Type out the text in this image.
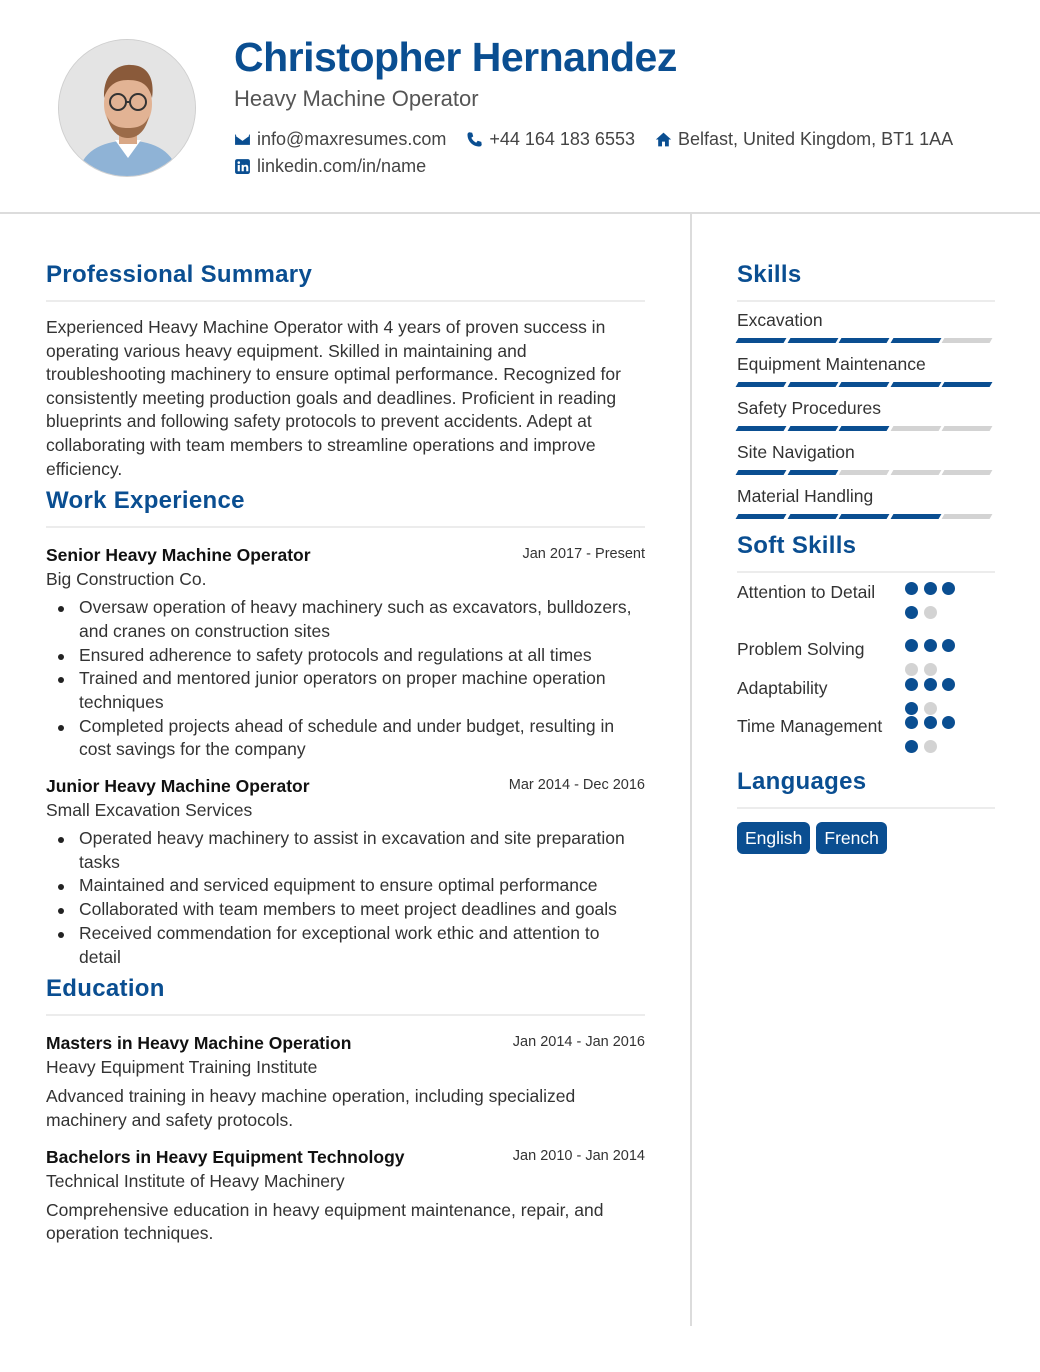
Christopher Hernandez
Heavy Machine Operator
info@maxresumes.com +44 164 183 6553 Belfast, United Kingdom, BT1 1AA
linkedin.com/in/name
Professional Summary

Experienced Heavy Machine Operator with 4 years of proven success in operating various heavy equipment. Skilled in maintaining and troubleshooting machinery to ensure optimal performance. Recognized for consistently meeting production goals and deadlines. Proficient in reading blueprints and following safety protocols to prevent accidents. Adept at collaborating with team members to streamline operations and improve efficiency.

Work Experience
Senior Heavy Machine Operator	Jan 2017 - Present
Big Construction Co.
Oversaw operation of heavy machinery such as excavators, bulldozers, and cranes on construction sites
Ensured adherence to safety protocols and regulations at all times
Trained and mentored junior operators on proper machine operation techniques
Completed projects ahead of schedule and under budget, resulting in cost savings for the company
Junior Heavy Machine Operator	Mar 2014 - Dec 2016
Small Excavation Services
Operated heavy machinery to assist in excavation and site preparation tasks
Maintained and serviced equipment to ensure optimal performance
Collaborated with team members to meet project deadlines and goals
Received commendation for exceptional work ethic and attention to detail
Education
Masters in Heavy Machine Operation	Jan 2014 - Jan 2016
Heavy Equipment Training Institute

Advanced training in heavy machine operation, including specialized machinery and safety protocols.

Bachelors in Heavy Equipment Technology	Jan 2010 - Jan 2014
Technical Institute of Heavy Machinery

Comprehensive education in heavy equipment maintenance, repair, and operation techniques.

Skills
Excavation
Equipment Maintenance
Safety Procedures
Site Navigation
Material Handling
Soft Skills
Attention to Detail
Problem Solving
Adaptability
Time Management
Languages
English	French
